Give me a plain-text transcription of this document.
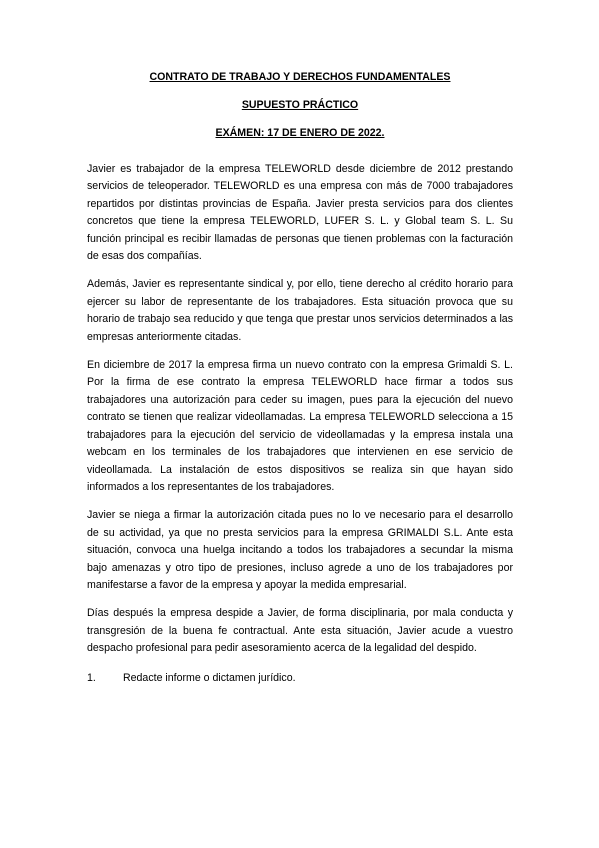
CONTRATO DE TRABAJO Y DERECHOS FUNDAMENTALES

SUPUESTO PRÁCTICO

EXÁMEN: 17 DE ENERO DE 2022.

Javier es trabajador de la empresa TELEWORLD desde diciembre de 2012 prestando servicios de teleoperador. TELEWORLD es una empresa con más de 7000 trabajadores repartidos por distintas provincias de España. Javier presta servicios para dos clientes concretos que tiene la empresa TELEWORLD, LUFER S. L. y Global team S. L. Su función principal es recibir llamadas de personas que tienen problemas con la facturación de esas dos compañías.

Además, Javier es representante sindical y, por ello, tiene derecho al crédito horario para ejercer su labor de representante de los trabajadores. Esta situación provoca que su horario de trabajo sea reducido y que tenga que prestar unos servicios determinados a las empresas anteriormente citadas.

En diciembre de 2017 la empresa firma un nuevo contrato con la empresa Grimaldi S. L. Por la firma de ese contrato la empresa TELEWORLD hace firmar a todos sus trabajadores una autorización para ceder su imagen, pues para la ejecución del nuevo contrato se tienen que realizar videollamadas. La empresa TELEWORLD selecciona a 15 trabajadores para la ejecución del servicio de videollamadas y la empresa instala una webcam en los terminales de los trabajadores que intervienen en ese servicio de videollamada. La instalación de estos dispositivos se realiza sin que hayan sido informados a los representantes de los trabajadores.

Javier se niega a firmar la autorización citada pues no lo ve necesario para el desarrollo de su actividad, ya que no presta servicios para la empresa GRIMALDI S.L. Ante esta situación, convoca una huelga incitando a todos los trabajadores a secundar la misma bajo amenazas y otro tipo de presiones, incluso agrede a uno de los trabajadores por manifestarse a favor de la empresa y apoyar la medida empresarial.

Días después la empresa despide a Javier, de forma disciplinaria, por mala conducta y transgresión de la buena fe contractual. Ante esta situación, Javier acude a vuestro despacho profesional para pedir asesoramiento acerca de la legalidad del despido.

1.	Redacte informe o dictamen jurídico.
